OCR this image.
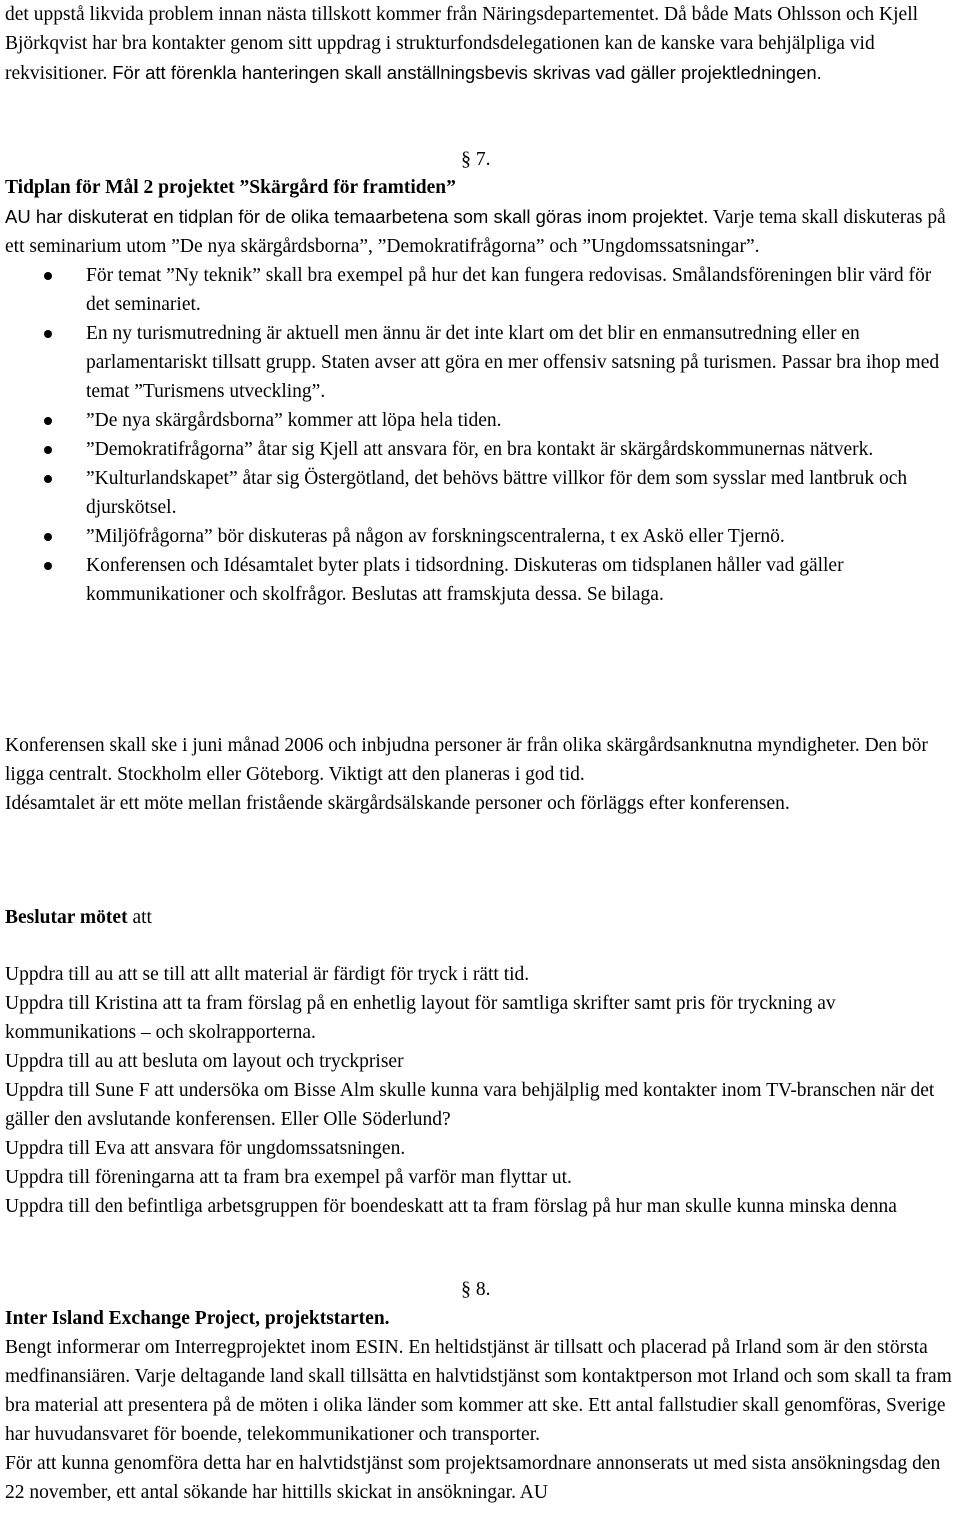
det uppstå likvida problem innan nästa tillskott kommer från Näringsdepartementet. Då både Mats Ohlsson och Kjell Björkqvist har bra kontakter genom sitt uppdrag i strukturfondsdelegationen kan de kanske vara behjälpliga vid rekvisitioner. För att förenkla hanteringen skall anställningsbevis skrivas vad gäller projektledningen.

§ 7.
Tidplan för Mål 2 projektet ”Skärgård för framtiden”

AU har diskuterat en tidplan för de olika temaarbetena som skall göras inom projektet. Varje tema skall diskuteras på ett seminarium utom ”De nya skärgårdsborna”, ”Demokratifrågorna” och ”Ungdomssatsningar”.

För temat ”Ny teknik” skall bra exempel på hur det kan fungera redovisas. Smålandsföreningen blir värd för det seminariet.
En ny turismutredning är aktuell men ännu är det inte klart om det blir en enmansutredning eller en parlamentariskt tillsatt grupp. Staten avser att göra en mer offensiv satsning på turismen. Passar bra ihop med temat ”Turismens utveckling”.
”De nya skärgårdsborna” kommer att löpa hela tiden.
”Demokratifrågorna” åtar sig Kjell att ansvara för, en bra kontakt är skärgårdskommunernas nätverk.
”Kulturlandskapet” åtar sig Östergötland, det behövs bättre villkor för dem som sysslar med lantbruk och djurskötsel.
”Miljöfrågorna” bör diskuteras på någon av forskningscentralerna, t ex Askö eller Tjernö.
Konferensen och Idésamtalet byter plats i tidsordning. Diskuteras om tidsplanen håller vad gäller kommunikationer och skolfrågor. Beslutas att framskjuta dessa. Se bilaga.

Konferensen skall ske i juni månad 2006 och inbjudna personer är från olika skärgårdsanknutna myndigheter. Den bör ligga centralt. Stockholm eller Göteborg. Viktigt att den planeras i god tid.

Idésamtalet är ett möte mellan fristående skärgårdsälskande personer och förläggs efter konferensen.

Beslutar mötet att

Uppdra till au att se till att allt material är färdigt för tryck i rätt tid.

Uppdra till Kristina att ta fram förslag på en enhetlig layout för samtliga skrifter samt pris för tryckning av kommunikations – och skolrapporterna.

Uppdra till au att besluta om layout och tryckpriser

Uppdra till Sune F att undersöka om Bisse Alm skulle kunna vara behjälplig med kontakter inom TV-branschen när det gäller den avslutande konferensen. Eller Olle Söderlund?

Uppdra till Eva att ansvara för ungdomssatsningen.

Uppdra till föreningarna att ta fram bra exempel på varför man flyttar ut.

Uppdra till den befintliga arbetsgruppen för boendeskatt att ta fram förslag på hur man skulle kunna minska denna

§ 8.
Inter Island Exchange Project, projektstarten.

Bengt informerar om Interregprojektet inom ESIN. En heltidstjänst är tillsatt och placerad på Irland som är den största medfinansiären. Varje deltagande land skall tillsätta en halvtidstjänst som kontaktperson mot Irland och som skall ta fram bra material att presentera på de möten i olika länder som kommer att ske. Ett antal fallstudier skall genomföras, Sverige har huvudansvaret för boende, telekommunikationer och transporter.

För att kunna genomföra detta har en halvtidstjänst som projektsamordnare annonserats ut med sista ansökningsdag den 22 november, ett antal sökande har hittills skickat in ansökningar. AU
